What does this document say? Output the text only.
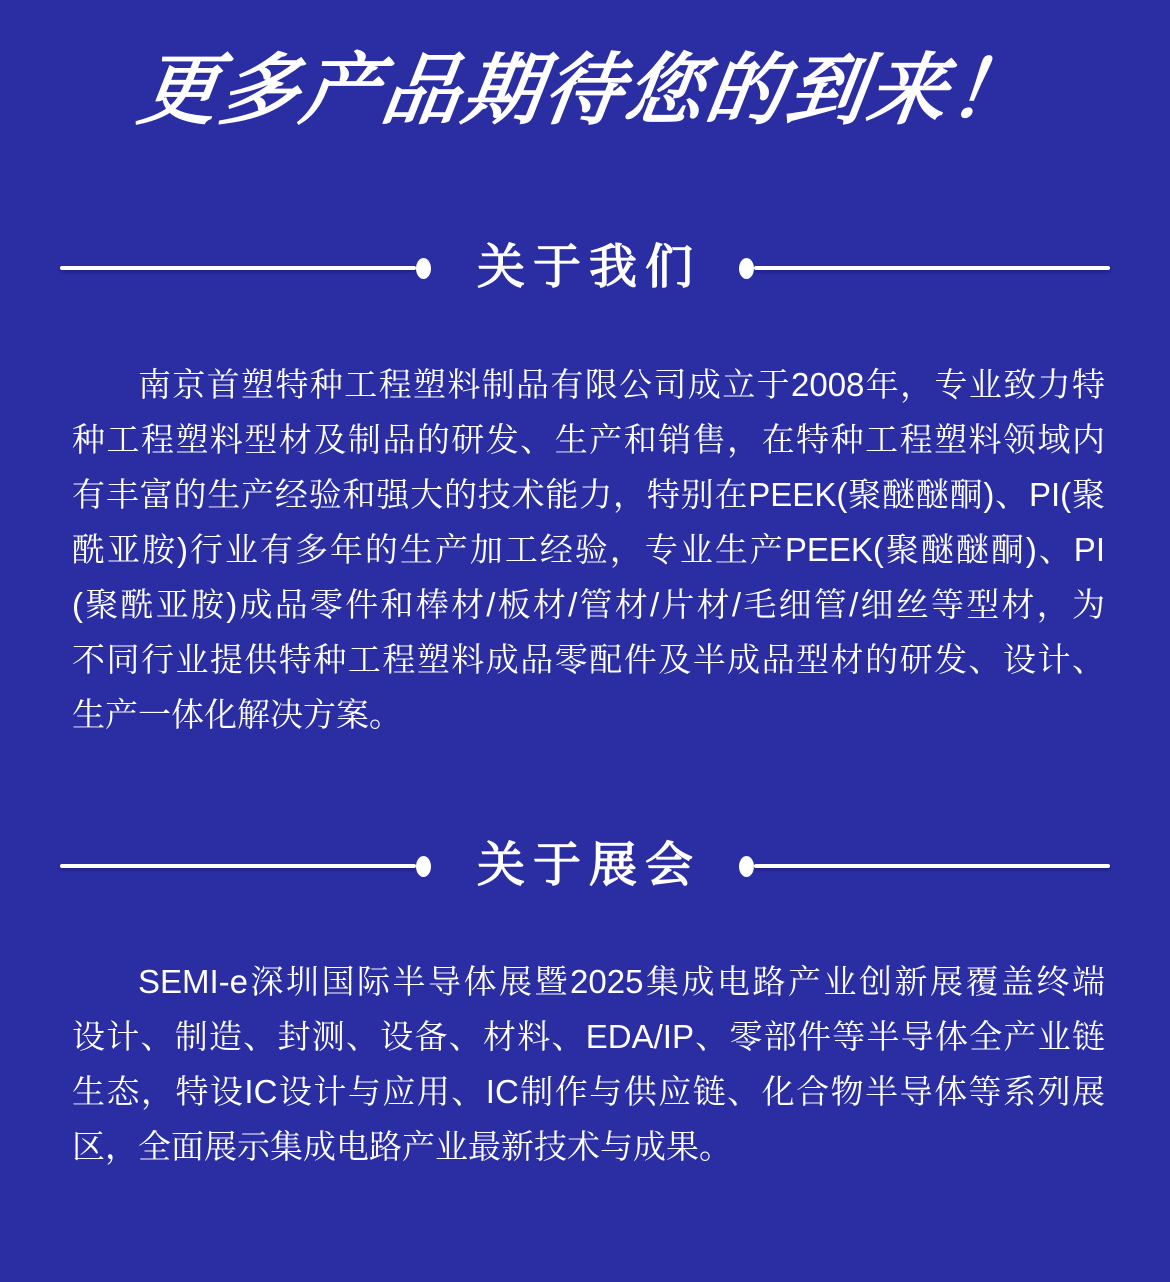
更多产品期待您的到来！
关于我们
南京首塑特种工程塑料制品有限公司成立于2008年，专业致力特
种工程塑料型材及制品的研发、生产和销售，在特种工程塑料领域内
有丰富的生产经验和强大的技术能力，特别在PEEK(聚醚醚酮)、PI(聚
酰亚胺)行业有多年的生产加工经验，专业生产PEEK(聚醚醚酮)、PI
(聚酰亚胺)成品零件和棒材/板材/管材/片材/毛细管/细丝等型材，为
不同行业提供特种工程塑料成品零配件及半成品型材的研发、设计、
生产一体化解决方案。
关于展会
SEMI-e深圳国际半导体展暨2025集成电路产业创新展覆盖终端
设计、制造、封测、设备、材料、EDA/IP、零部件等半导体全产业链
生态，特设IC设计与应用、IC制作与供应链、化合物半导体等系列展
区，全面展示集成电路产业最新技术与成果。
